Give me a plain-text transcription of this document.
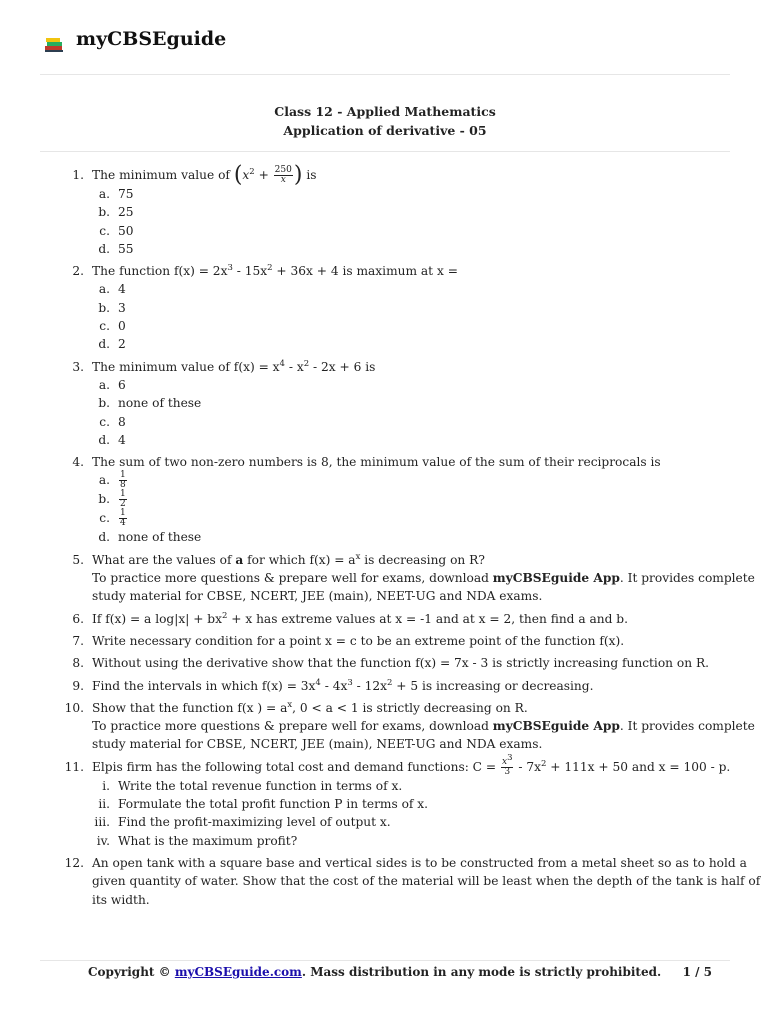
myCBSEguide
Class 12 - Applied Mathematics
Application of derivative - 05
1. The minimum value of ($x^2 + \frac{250}{x}$ ) is
a. 75
b. 25
c. 50
d. 55
2. The function $f(x) = 2x^3 - 15x^2 + 36x + 4$ is maximum at x =
a. 4
b. 3
c. 0
d. 2
3. The minimum value of $f(x) = x^4 - x^2 - 2x + 6$ is
a. 6
b. none of these
c. 8
d. 4
4. The sum of two non-zero numbers is 8, the minimum value of the sum of their reciprocals is
a. $\frac{1}{8}$
b. $\frac{1}{2}$
c. $\frac{1}{4}$
d. none of these
5. What are the values of a for which $f(x) = a^x$ is decreasing on R?

To practice more questions & prepare well for exams, download myCBSEguide App. It provides complete study material for CBSE, NCERT, JEE (main), NEET-UG and NDA exams.

6. If f(x) = a $\log|x| + bx^2 + x$ has extreme values at x = -1 and at x = 2, then find a and b.
7. Write necessary condition for a point x = c to be an extreme point of the function f(x).
8. Without using the derivative show that the function f(x) = 7x - 3 is strictly increasing function on R.
9. Find the intervals in which $f(x) = 3x^4 - 4x^3 - 12x^2 + 5$ is increasing or decreasing.
10. Show that the function f(x ) = $a^x$, 0 < a < 1 is strictly decreasing on R.

To practice more questions & prepare well for exams, download myCBSEguide App. It provides complete study material for CBSE, NCERT, JEE (main), NEET-UG and NDA exams.

11. Elpis firm has the following total cost and demand functions: $C = \frac{x^3}{3} - 7x^2 + 111x + 50$ and x = 100 - p.
i. Write the total revenue function in terms of x.
ii. Formulate the total profit function P in terms of x.
iii. Find the profit-maximizing level of output x.
iv. What is the maximum profit?
12. An open tank with a square base and vertical sides is to be constructed from a metal sheet so as to hold a given quantity of water. Show that the cost of the material will be least when the depth of the tank is half of its width.
Copyright © myCBSEguide.com. Mass distribution in any mode is strictly prohibited. 1 / 5
